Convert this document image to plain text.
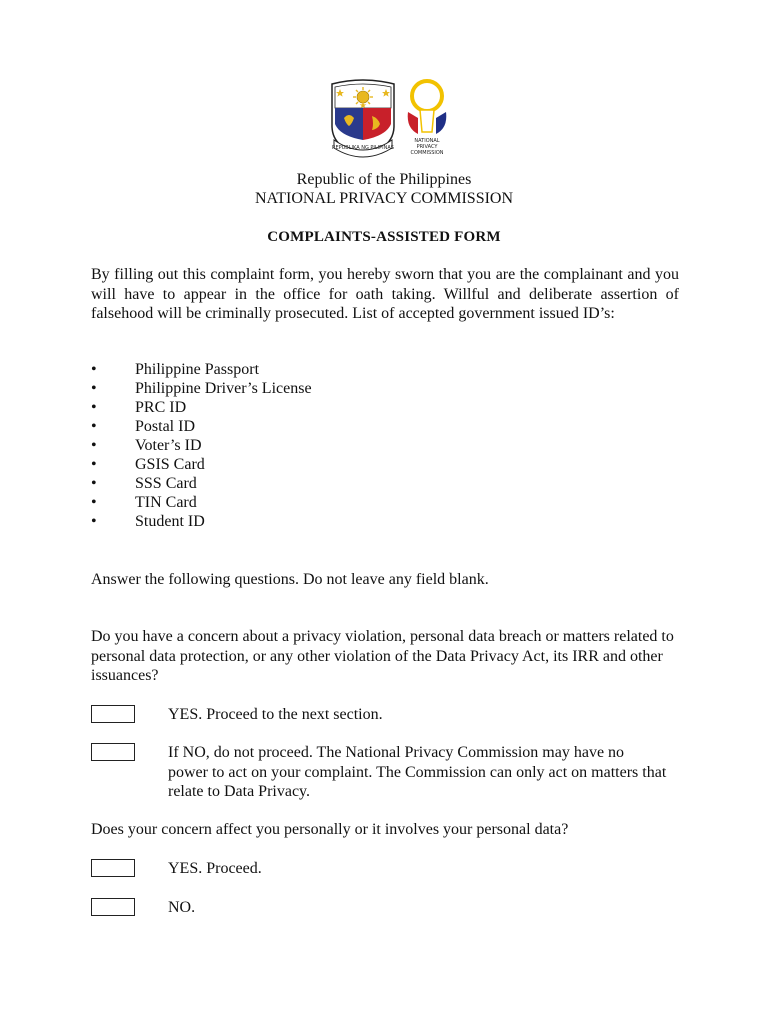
REPUBLIKA NG PILIPINAS
NATIONAL
PRIVACY
COMMISSION
Republic of the Philippines
NATIONAL PRIVACY COMMISSION
COMPLAINTS-ASSISTED FORM
By filling out this complaint form, you hereby sworn that you are the complainant and you will have to appear in the office for oath taking. Willful and deliberate assertion of falsehood will be criminally prosecuted. List of accepted government issued ID’s:
• Philippine Passport
• Philippine Driver’s License
• PRC ID
• Postal ID
• Voter’s ID
• GSIS Card
• SSS Card
• TIN Card
• Student ID
Answer the following questions. Do not leave any field blank.
Do you have a concern about a privacy violation, personal data breach or matters related to personal data protection, or any other violation of the Data Privacy Act, its IRR and other issuances?
YES. Proceed to the next section.
If NO, do not proceed. The National Privacy Commission may have no power to act on your complaint. The Commission can only act on matters that relate to Data Privacy.
Does your concern affect you personally or it involves your personal data?
YES. Proceed.
NO.
